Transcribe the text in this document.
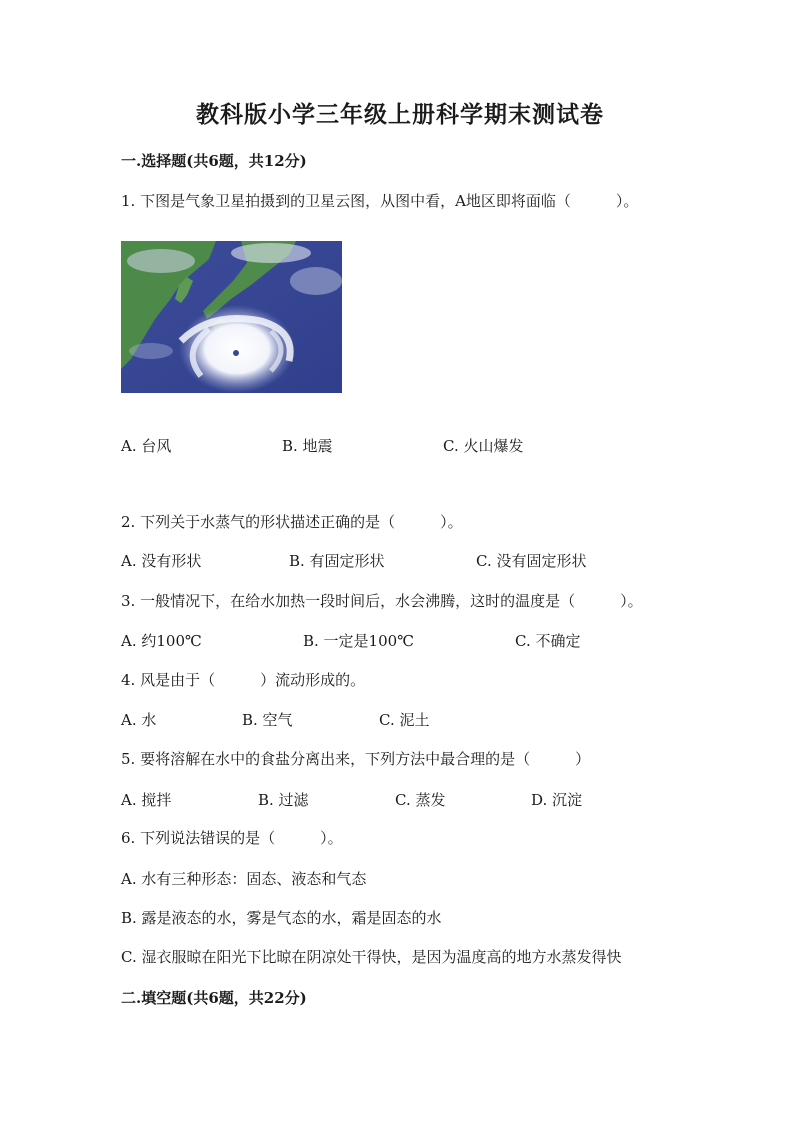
教科版小学三年级上册科学期末测试卷
一.选择题(共6题，共12分)
1. 下图是气象卫星拍摄到的卫星云图，从图中看，A地区即将面临（　　　）。
A. 台风	B. 地震	C. 火山爆发
2. 下列关于水蒸气的形状描述正确的是（　　　）。
A. 没有形状	B. 有固定形状	C. 没有固定形状
3. 一般情况下，在给水加热一段时间后，水会沸腾，这时的温度是（　　　）。
A. 约100℃	B. 一定是100℃	C. 不确定
4. 风是由于（　　　）流动形成的。
A. 水	B. 空气	C. 泥土
5. 要将溶解在水中的食盐分离出来，下列方法中最合理的是（　　　）
A. 搅拌	B. 过滤	C. 蒸发	D. 沉淀
6. 下列说法错误的是（　　　）。
A. 水有三种形态：固态、液态和气态
B. 露是液态的水，雾是气态的水，霜是固态的水
C. 湿衣服晾在阳光下比晾在阴凉处干得快，是因为温度高的地方水蒸发得快
二.填空题(共6题，共22分)
